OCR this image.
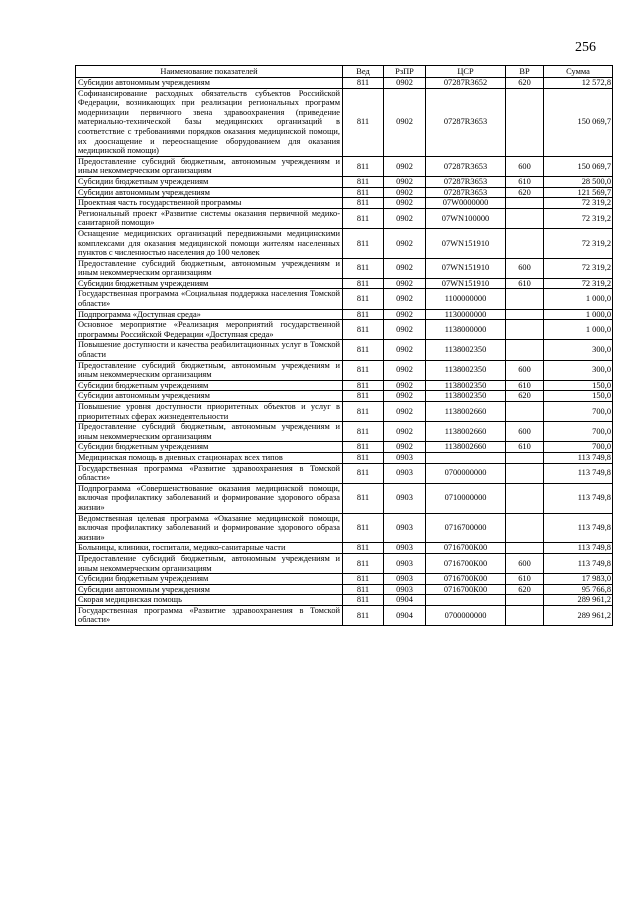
256
Наименование показателей	Вед	РзПР	ЦСР	ВР	Сумма
Субсидии автономным учреждениям	811	0902	07287R3652	620	12 572,8
Софинансирование расходных обязательств субъектов Российской Федерации, возникающих при реализации региональных программ модернизации первичного звена здравоохранения (приведение материально-технической базы медицинских организаций в соответствие с требованиями порядков оказания медицинской помощи, их дооснащение и переоснащение оборудованием для оказания медицинской помощи)	811	0902	07287R3653		150 069,7
Предоставление субсидий бюджетным, автономным учреждениям и иным некоммерческим организациям	811	0902	07287R3653	600	150 069,7
Субсидии бюджетным учреждениям	811	0902	07287R3653	610	28 500,0
Субсидии автономным учреждениям	811	0902	07287R3653	620	121 569,7
Проектная часть государственной программы	811	0902	07W0000000		72 319,2
Региональный проект «Развитие системы оказания первичной медико-санитарной помощи»	811	0902	07WN100000		72 319,2
Оснащение медицинских организаций передвижными медицинскими комплексами для оказания медицинской помощи жителям населенных пунктов с численностью населения до 100 человек	811	0902	07WN151910		72 319,2
Предоставление субсидий бюджетным, автономным учреждениям и иным некоммерческим организациям	811	0902	07WN151910	600	72 319,2
Субсидии бюджетным учреждениям	811	0902	07WN151910	610	72 319,2
Государственная программа «Социальная поддержка населения Томской области»	811	0902	1100000000		1 000,0
Подпрограмма «Доступная среда»	811	0902	1130000000		1 000,0
Основное мероприятие «Реализация мероприятий государственной программы Российской Федерации «Доступная среда»	811	0902	1138000000		1 000,0
Повышение доступности и качества реабилитационных услуг в Томской области	811	0902	1138002350		300,0
Предоставление субсидий бюджетным, автономным учреждениям и иным некоммерческим организациям	811	0902	1138002350	600	300,0
Субсидии бюджетным учреждениям	811	0902	1138002350	610	150,0
Субсидии автономным учреждениям	811	0902	1138002350	620	150,0
Повышение уровня доступности приоритетных объектов и услуг в приоритетных сферах жизнедеятельности	811	0902	1138002660		700,0
Предоставление субсидий бюджетным, автономным учреждениям и иным некоммерческим организациям	811	0902	1138002660	600	700,0
Субсидии бюджетным учреждениям	811	0902	1138002660	610	700,0
Медицинская помощь в дневных стационарах всех типов	811	0903			113 749,8
Государственная программа «Развитие здравоохранения в Томской области»	811	0903	0700000000		113 749,8
Подпрограмма «Совершенствование оказания медицинской помощи, включая профилактику заболеваний и формирование здорового образа жизни»	811	0903	0710000000		113 749,8
Ведомственная целевая программа «Оказание медицинской помощи, включая профилактику заболеваний и формирование здорового образа жизни»	811	0903	0716700000		113 749,8
Больницы, клиники, госпитали, медико-санитарные части	811	0903	0716700К00		113 749,8
Предоставление субсидий бюджетным, автономным учреждениям и иным некоммерческим организациям	811	0903	0716700К00	600	113 749,8
Субсидии бюджетным учреждениям	811	0903	0716700К00	610	17 983,0
Субсидии автономным учреждениям	811	0903	0716700К00	620	95 766,8
Скорая медицинская помощь	811	0904			289 961,2
Государственная программа «Развитие здравоохранения в Томской области»	811	0904	0700000000		289 961,2
